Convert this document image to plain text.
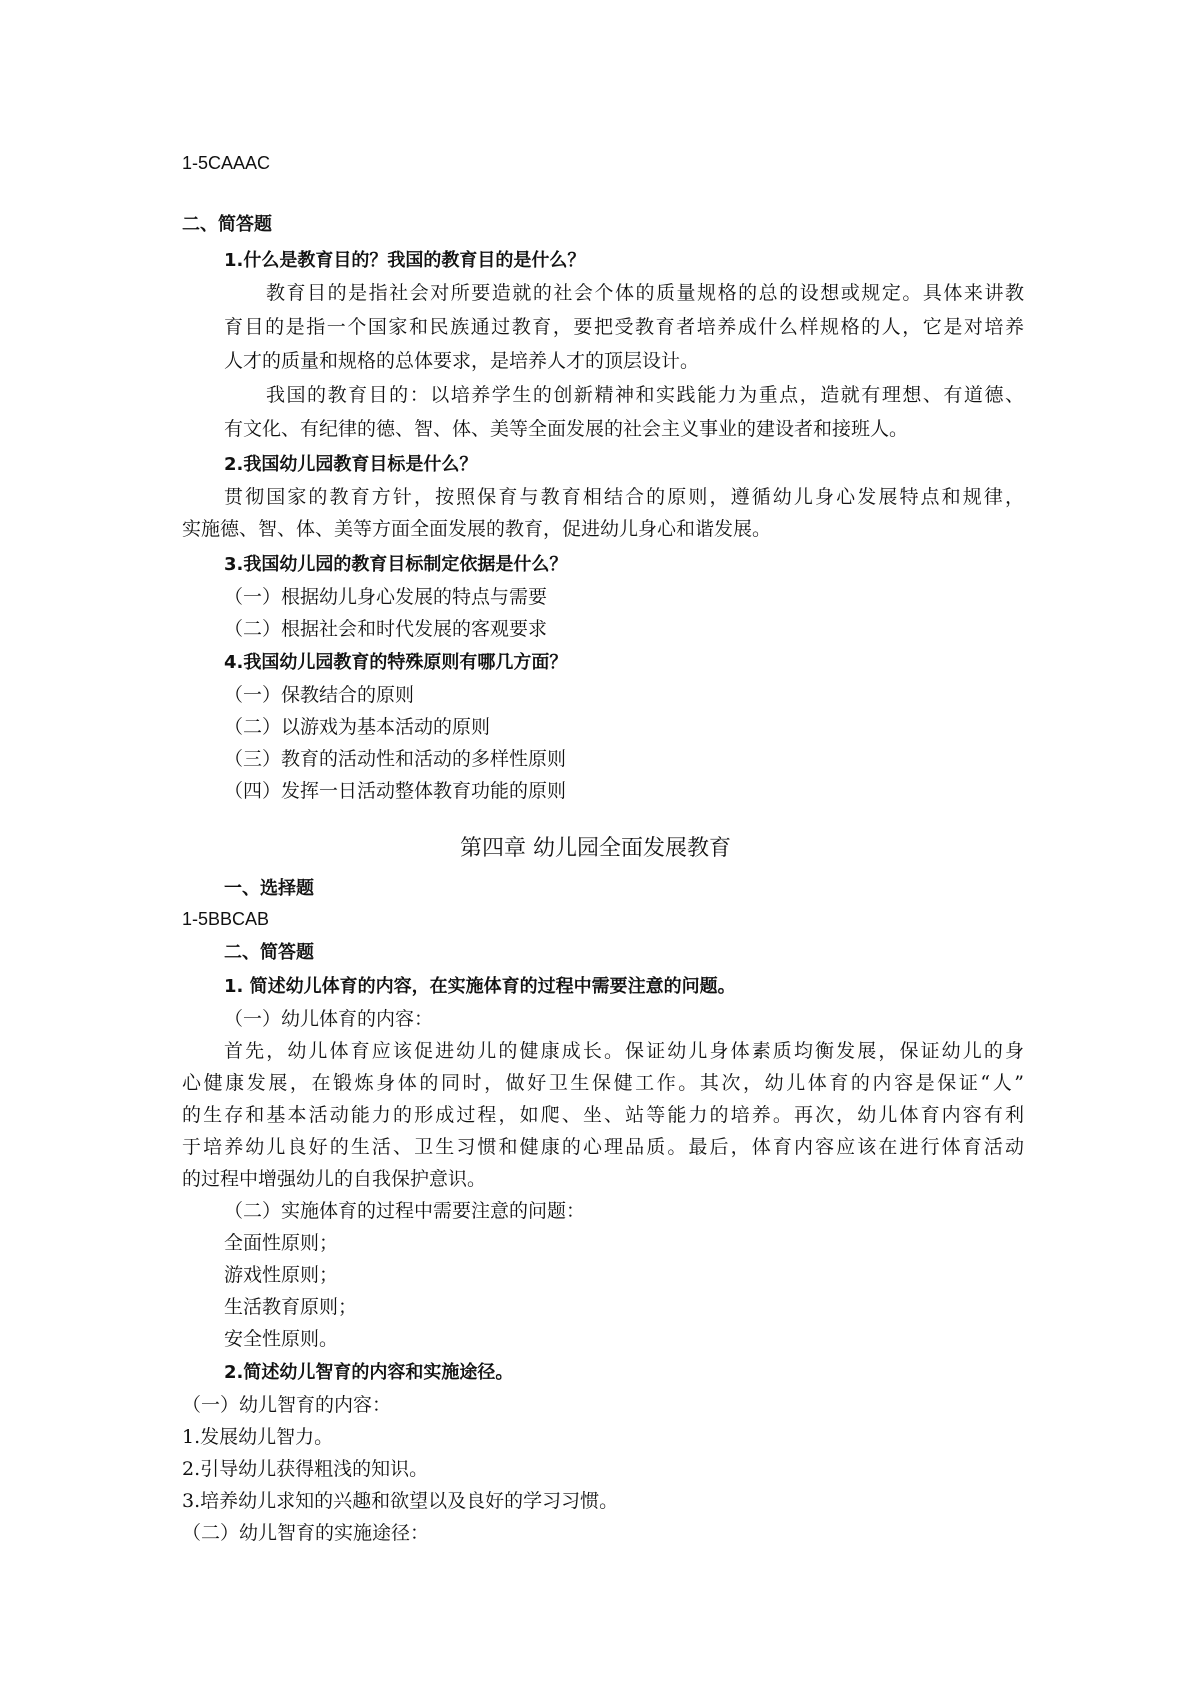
1-5CAAAC
二、简答题
1.什么是教育目的？我国的教育目的是什么？
教育目的是指社会对所要造就的社会个体的质量规格的总的设想或规定。具体来讲教
育目的是指一个国家和民族通过教育，要把受教育者培养成什么样规格的人，它是对培养
人才的质量和规格的总体要求，是培养人才的顶层设计。
我国的教育目的：以培养学生的创新精神和实践能力为重点，造就有理想、有道德、
有文化、有纪律的德、智、体、美等全面发展的社会主义事业的建设者和接班人。
2.我国幼儿园教育目标是什么？
贯彻国家的教育方针，按照保育与教育相结合的原则，遵循幼儿身心发展特点和规律，
实施德、智、体、美等方面全面发展的教育，促进幼儿身心和谐发展。
3.我国幼儿园的教育目标制定依据是什么？
（一）根据幼儿身心发展的特点与需要
（二）根据社会和时代发展的客观要求
4.我国幼儿园教育的特殊原则有哪几方面？
（一）保教结合的原则
（二）以游戏为基本活动的原则
（三）教育的活动性和活动的多样性原则
（四）发挥一日活动整体教育功能的原则
第四章 幼儿园全面发展教育
一、选择题
1-5BBCAB
二、简答题
1. 简述幼儿体育的内容，在实施体育的过程中需要注意的问题。
（一）幼儿体育的内容：
首先，幼儿体育应该促进幼儿的健康成长。保证幼儿身体素质均衡发展，保证幼儿的身
心健康发展，在锻炼身体的同时，做好卫生保健工作。其次，幼儿体育的内容是保证“人”
的生存和基本活动能力的形成过程，如爬、坐、站等能力的培养。再次，幼儿体育内容有利
于培养幼儿良好的生活、卫生习惯和健康的心理品质。最后，体育内容应该在进行体育活动
的过程中增强幼儿的自我保护意识。
（二）实施体育的过程中需要注意的问题：
全面性原则；
游戏性原则；
生活教育原则；
安全性原则。
2.简述幼儿智育的内容和实施途径。
（一）幼儿智育的内容：
1.发展幼儿智力。
2.引导幼儿获得粗浅的知识。
3.培养幼儿求知的兴趣和欲望以及良好的学习习惯。
（二）幼儿智育的实施途径：
